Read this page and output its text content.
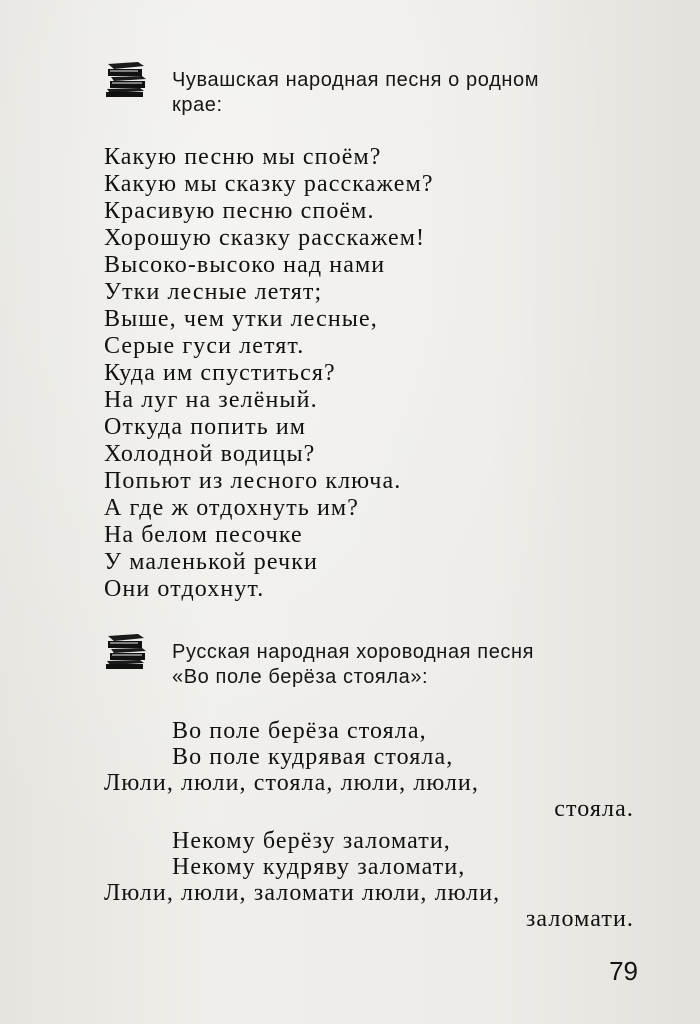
Чувашская народная песня о родном
крае:
Какую песню мы споём?
Какую мы сказку расскажем?
Красивую песню споём.
Хорошую сказку расскажем!
Высоко-высоко над нами
Утки лесные летят;
Выше, чем утки лесные,
Серые гуси летят.
Куда им спуститься?
На луг на зелёный.
Откуда попить им
Холодной водицы?
Попьют из лесного ключа.
А где ж отдохнуть им?
На белом песочке
У маленькой речки
Они отдохнут.
Русская народная хороводная песня
«Во поле берёза стояла»:
Во поле берёза стояла,
Во поле кудрявая стояла,
Люли, люли, стояла, люли, люли,
стояла.
Некому берёзу заломати,
Некому кудряву заломати,
Люли, люли, заломати люли, люли,
заломати.
79
